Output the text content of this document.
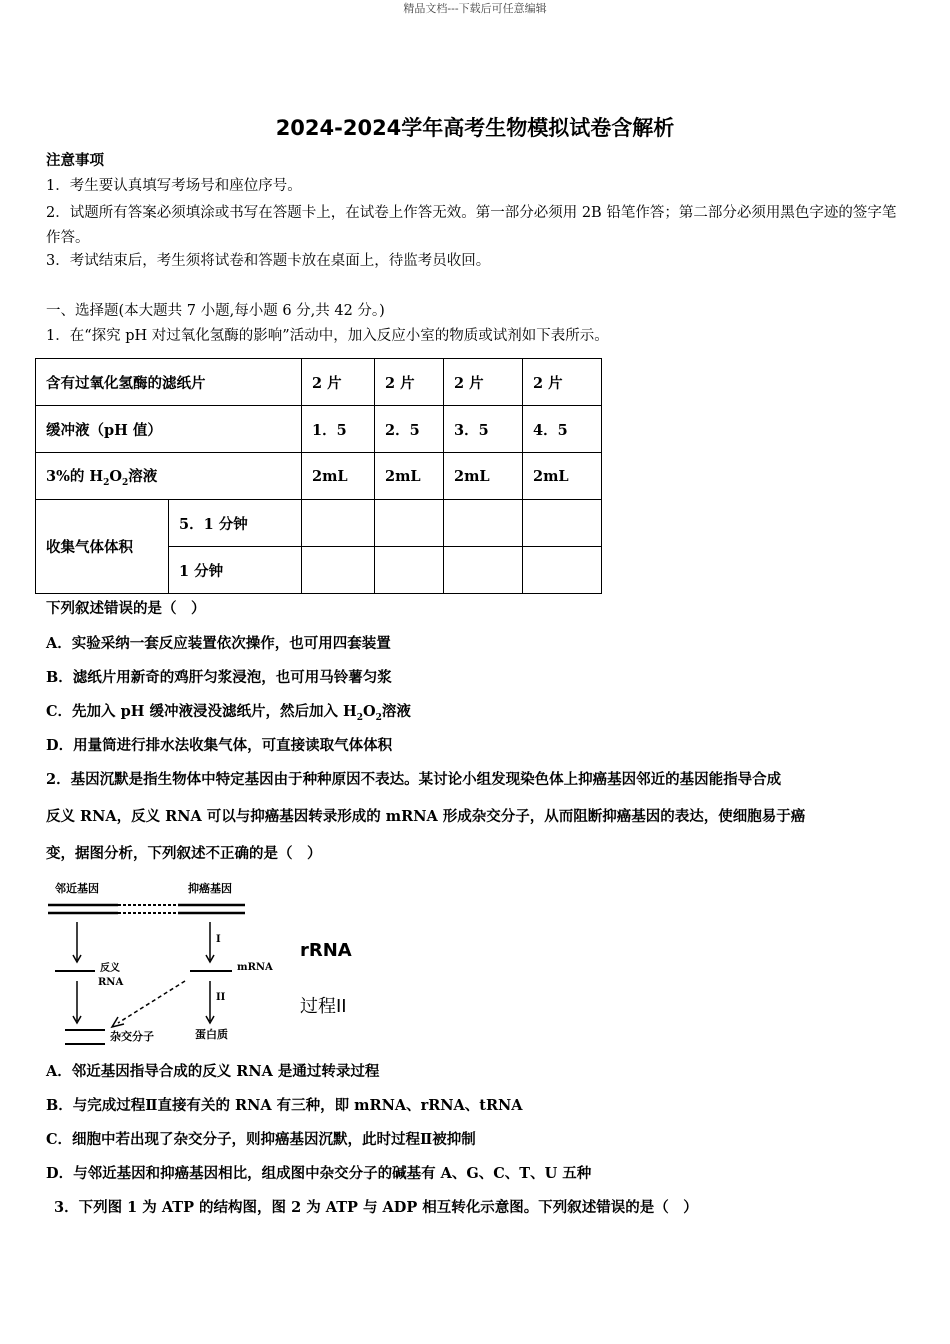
精品文档---下载后可任意编辑
2024-2024学年高考生物模拟试卷含解析
注意事项
1．考生要认真填写考场号和座位序号。
2．试题所有答案必须填涂或书写在答题卡上，在试卷上作答无效。第一部分必须用 2B 铅笔作答；第二部分必须用黑色字迹的签字笔作答。
3．考试结束后，考生须将试卷和答题卡放在桌面上，待监考员收回。
一、选择题(本大题共 7 小题,每小题 6 分,共 42 分。)
1．在“探究 pH 对过氧化氢酶的影响”活动中，加入反应小室的物质或试剂如下表所示。
含有过氧化氢酶的滤纸片		2 片	2 片	2 片	2 片
缓冲液（pH 值）		1．5	2．5	3．5	4．5
3%的 $H_2O_2$溶液		2mL	2mL	2mL	2mL
收集气体体积	5．1 分钟				
	1 分钟				
下列叙述错误的是（　）
A．实验采纳一套反应装置依次操作，也可用四套装置
B．滤纸片用新奇的鸡肝匀浆浸泡，也可用马铃薯匀浆
C．先加入 pH 缓冲液浸没滤纸片，然后加入 $H_2O_2$溶液
D．用量筒进行排水法收集气体，可直接读取气体体积
2．基因沉默是指生物体中特定基因由于种种原因不表达。某讨论小组发现染色体上抑癌基因邻近的基因能指导合成
反义 RNA，反义 RNA 可以与抑癌基因转录形成的 mRNA 形成杂交分子，从而阻断抑癌基因的表达，使细胞易于癌
变，据图分析，下列叙述不正确的是（　）
邻近基因	抑癌基因
I
反义
RNA
mRNA
II
杂交分子	蛋白质
rRNA
过程II
A．邻近基因指导合成的反义 RNA 是通过转录过程
B．与完成过程Ⅱ直接有关的 RNA 有三种，即 mRNA、rRNA、tRNA
C．细胞中若出现了杂交分子，则抑癌基因沉默，此时过程Ⅱ被抑制
D．与邻近基因和抑癌基因相比，组成图中杂交分子的碱基有 A、G、C、T、U 五种
3．下列图 1 为 ATP 的结构图，图 2 为 ATP 与 ADP 相互转化示意图。下列叙述错误的是（　）
